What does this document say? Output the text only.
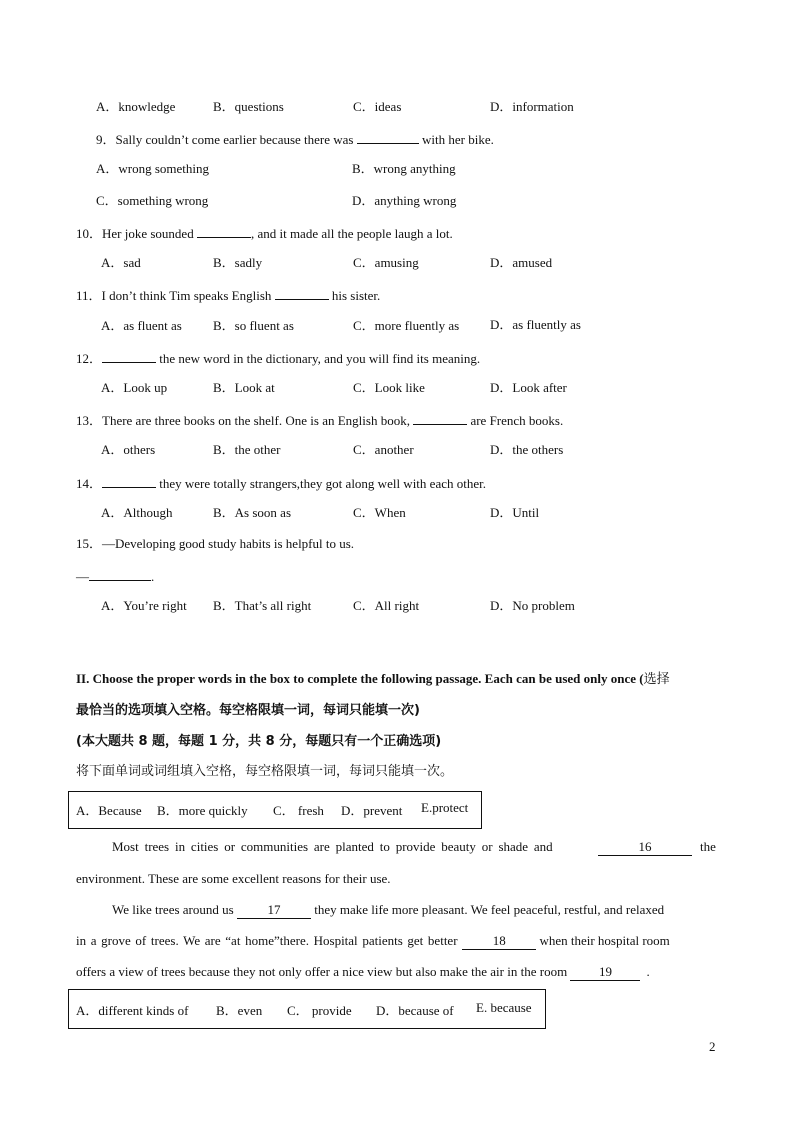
A．knowledge	B．questions	C．ideas	D．information
9．Sally couldn’t come earlier because there was	with her bike.
A．wrong something	B．wrong anything
C．something wrong	D．anything wrong
10．Her joke sounded	, and it made all the people laugh a lot.
A．sad	B．sadly	C．amusing	D．amused
11．I don’t think Tim speaks English	his sister.
A．as fluent as B．so fluent as	C．more fluently as D．as fluently as
12．	the new word in the dictionary, and you will find its meaning.
A．Look up	B．Look at	C．Look like	D．Look after
13．There are three books on the shelf. One is an English book,	are French books.
A．others	B．the other	C．another	D．the others
14．	they were totally strangers,they got along well with each other.
A．Although	B．As soon as	C．When	D．Until
15．—Developing good study habits is helpful to us.
—	.
A．You’re right B．That’s all right	C．All right	D．No problem
II. Choose the proper words in the box to complete the following passage. Each can be used only once (选择
最恰当的选项填入空格。每空格限填一词，每词只能填一次)
(本大题共 8 题，每题 1 分，共 8 分，每题只有一个正确选项)
将下面单词或词组填入空格，每空格限填一词，每词只能填一次。
A．Because B．more quickly C． fresh D．prevent E.protect
Most trees in cities or communities are planted to provide beauty or shade and	16	the
environment. These are some excellent reasons for their use.
We like trees around us 17 they make life more pleasant. We feel peaceful, restful, and relaxed
in a grove of trees. We are “at home”there. Hospital patients get better 18 when their hospital room
offers a view of trees because they not only offer a nice view but also make the air in the room 19	.
A．different kinds of B．even C． provide D．because of E. because
2
